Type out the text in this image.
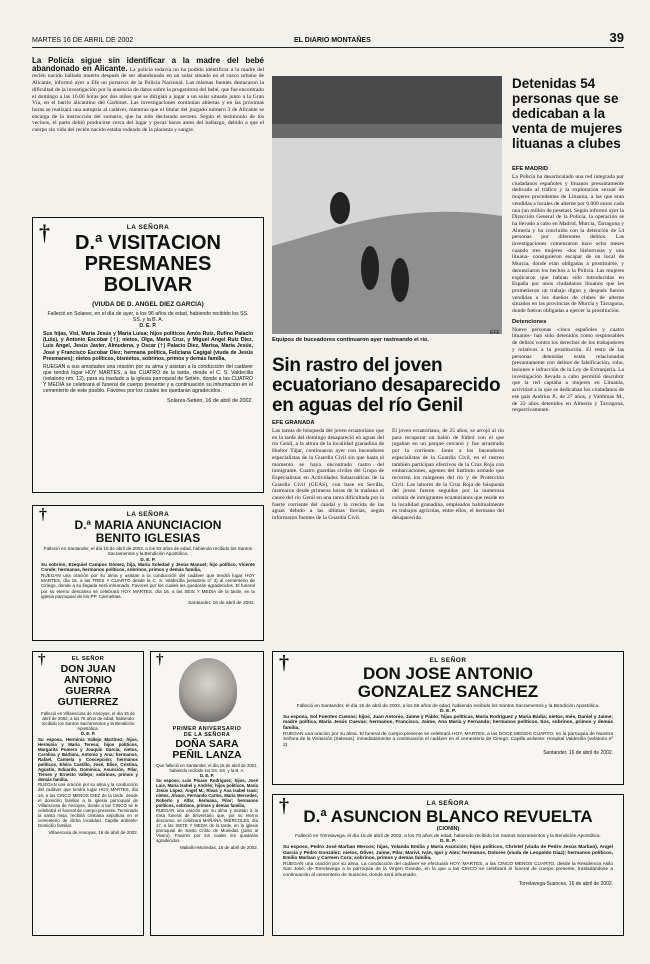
MARTES 16 DE ABRIL DE 2002	EL DIARIO MONTAÑES	39
La Policía sigue sin identificar a la madre del bebé abandonado en Alicante. La policía todavía no ha podido identificar a la madre del recién nacido hallado muerto después de ser abandonado en un solar situado en el casco urbano de Alicante, informó ayer a Efe un portavoz de la Policía Nacional. Las mismas fuentes destacaron la dificultad de la investigación por la ausencia de datos sobre la progenitora del bebé, que fue encontrado el domingo a las 16.00 horas por dos niños que se dirigían a jugar a un solar situado junto a la Gran Vía, en el barrio alicantino del Garbinet. Las investigaciones continúan abiertas y en las próximas horas se realizará una autopsia al cadáver, mientras que el titular del juzgado número 3 de Alicante se encarga de la instrucción del sumario, que ha sido declarado secreto. Según el testimonio de los vecinos, el parto debió producirse cerca del lugar y pocas horas antes del hallazgo, debido a que el cuerpo sin vida del recién nacido estaba rodeado de la placenta y sangre.
†	LA SEÑORA
D.ª VISITACION
PRESMANES
BOLIVAR
(VIUDA DE D. ANGEL DIEZ GARCIA)
Falleció en Solares, en el día de ayer, a los 96 años de edad, habiendo recibido los SS. SS. y la B. A.
D. E. P.
Sus hijas, Visi, María Jesús y María Luisa; hijos políticos Amós Ruiz, Rufino Palacio (Luis), y Antonio Escobar (†); nietos, Olga, María Cruz, y Miguel Angel Ruiz Diez, Luis Angel, Jesús Javier, Almudena, y Oscar (†) Palacio Diez, Marisa, María Jesús, José y Francisco Escobar Diez; hermana política, Feliciana Cagigal (viuda de Jesús Presmanes); nietos políticos, bisnietos, sobrinos, primos y demás familia,
RUEGAN a sus amistades una oración por su alma y asistan a la conducción del cadáver que tendrá lugar HOY MARTES, a las CUATRO de la tarde, desde el C. S. Valdecilla (velatorio nm. 12), para su traslado a la iglesia parroquial de Setién, donde a las CUATRO Y MEDIA se celebrará el funeral de cuerpo presente y a continuación su inhumación en el cementerio de este pueblo. Favores por los cuales les quedarán agradecidos.
Solares-Setién, 16 de abril de 2002.
†	LA SEÑORA
D.ª MARIA ANUNCIACION
BENITO IGLESIAS
Falleció en Santander, el día 15 de abril de 2002, a los 93 años de edad, habiendo recibido los Santos Sacramentos y la Bendición Apostólica.
D. E. P.
Su sobrino, Ezequiel Campos Gómez, hija, María Soledad y Jesús Manuel; hijo político, Vicente Conde; hermanas, hermanos políticos, sobrinos, primos y demás familia,
RUEGAN una oración por su alma y asistan a la conducción del cadáver que tendrá lugar HOY MARTES, día 16, a las TRES Y CUARTO desde la C. S. Valdecilla (velatorio nº 4) al cementerio de Ciriego, donde a su llegada será inhumado. Favores por los cuales les quedarán agradecidos. El funeral por su eterno descanso se celebrará HOY MARTES, día 16, a las SEIS Y MEDIA de la tarde, en la iglesia parroquial de los PP. Carmelitas.
Santander, 16 de abril de 2002.
Equipos de buceadores continuaron ayer rastreando el río.
EFE
Sin rastro del joven ecuatoriano desaparecido en aguas del río Genil
EFE GRANADA
Las tareas de búsqueda del joven ecuatoriano que en la tarde del domingo desapareció en aguas del río Genil, a la altura de la localidad granadina de Huétor Tájar, continuaron ayer con buceadores especialistas de la Guardia Civil sin que hasta el momento se haya encontrado rastro del inmigrante. Cuatro guardias civiles del Grupo de Especialistas en Actividades Subacuáticas de la Guardia Civil (GEAS), con base en Sevilla, rastrearon desde primeras horas de la mañana el cauce del río Genil en una tarea dificultada por la fuerte corriente del caudal y la crecida de las aguas debido a las últimas lluvias, según informaron fuentes de la Guardia Civil.
El joven ecuatoriano, de 25 años, se arrojó al río para recuperar un balón de fútbol con el que jugaban en un parque cercano y fue arrastrado por la corriente. Junto a los buceadores especialistas de la Guardia Civil, en el rastreo también participan efectivos de la Cruz Roja con embarcaciones, agentes del instituto armado que recorren los márgenes del río y de Protección Civil. Las labores de la Cruz Roja de búsqueda del joven fueron seguidas por la numerosa colonia de inmigrantes ecuatorianos que reside en la localidad granadina, empleados habitualmente en trabajos agrícolas, entre ellos, el hermano del desaparecido.
Detenidas 54 personas que se dedicaban a la venta de mujeres lituanas a clubes
EFE MADRID
La Policía ha desarticulado una red integrada por ciudadanos españoles y lituanos presuntamente dedicada al tráfico y la explotación sexual de mujeres procedentes de Lituania, a las que eran vendidas a locales de alterne por 6.000 euros cada una (un millón de pesetas). Según informó ayer la Dirección General de la Policía, la operación se ha llevado a cabo en Madrid, Murcia, Tarragona y Almería y ha concluido con la detención de 54 personas por diferentes delitos. Las investigaciones comenzaron hace ocho meses cuando tres mujeres -dos bielorrusas y una lituana- consiguieron escapar de un local de Murcia, donde eran obligadas a prostituirse, y denunciaron los hechos a la Policía. Las mujeres explicaron que habían sido introducidas en España por unos ciudadanos lituanos que les prometieron un trabajo digno y después fueron vendidas a los dueños de clubes de alterne situados en las provincias de Murcia y Tarragona, donde fueron obligadas a ejercer la prostitución.
Detenciones
Nueve personas -cinco españoles y cuatro lituanos- han sido detenidos como responsables de delitos contra los derechos de los trabajadores y relativos a la prostitución. El resto de las personas detenidas están relacionadas presuntamente con delitos de falsificación, robo, lesiones e infracción de la Ley de Extranjería. La investigación llevada a cabo permitió descubrir que la red captaba a mujeres en Lituania, actividad a la que se dedicaban los ciudadanos de ese país Audrius P., de 27 años, y Valdimas M., de 22 años detenidos en Almería y Tarragona, respectivamente.
†	EL SEÑOR
DON JUAN
ANTONIO
GUERRA
GUTIERREZ
Falleció en Villaescusa de Ansoyas, el día 15 de abril de 2002, a los 76 años de edad, habiendo recibido los Santos Sacramentos y la Bendición Apostólica.
D. E. P.
Su esposa, Herminia Vallejo Martínez; hijos, Herminia y María Teresa; hijos políticos, Margarita Pomera y Joaquín García; nietos, Carolina y Bárbara, Antonio y Ana; hermanos, Rafael, Carmela y Concepción; hermanos políticos, Elvira Castillo, José, Elise, Cristina, Agustín, Eduardo, Dominica, Asunción, Pilar, Ternes y Ernesto Vallejo; sobrinos, primos y demás familia,
RUEGAN una oración por su alma y la conducción del cadáver que tendrá lugar HOY MARTES, día 16, a las CINCO MENOS DIEZ de la tarde, desde el domicilio familiar a la iglesia parroquial de Villaescusa de Ansoyas, donde a las CINCO se le celebrará el funeral de cuerpo presente. Terminado la santa misa, recibirá cristiana sepultura en el cementerio de dicha localidad. Capilla ardiente: Domicilio familiar.
Villaescusa de Ansoyas, 16 de abril de 2002.
†
PRIMER ANIVERSARIO
DE LA SEÑORA
DOÑA SARA
PEÑIL LANZA
Que falleció en Santander, el día 15 de abril de 2001, habiendo recibido los SS. SS. y la B. A.
D. E. P.
Su esposo, Luis Pisace Rodríguez; hijos, José Luis, María Isabel y Andrés; hijos políticos, María Jesús López, Ángel M., Rivas y Ana Isabel Isasi; nietos, Álvaro, Fernando Carlos, María Mercedes, Roberto y Alfar, hermana, Pilar; hermanos políticos, sobrinos, primos y demás familia,
RUEGAN una oración por su alma y asistan a la misa funeral de aniversario que, por su eterno descanso, se celebrará MAÑANA, MIÉRCOLES, día 17, a las SIETE Y MEDIA de la tarde, en la iglesia parroquial de Santo Cristo de Muriedas (junto al Vivero). Favores por los cuales les quedarán agradecidos.
Maliaño-Muriedas, 16 de abril de 2002.
†	EL SEÑOR
DON JOSE ANTONIO
GONZALEZ SANCHEZ
Falleció en Santander, el día 15 de abril de 2002, a los 66 años de edad, habiendo recibido los Santos Sacramentos y la Bendición Apostólica.
D. E. P.
Su esposa, Sol Fuentes Cuevas; hijos, Juan Antonio, Jaime y Pablo; hijas políticas, María Rodríguez y María Bádia; nietos, Inés, Daniel y Jaime; madre política, María Jesús Cuevas; hermanos, Francisco, Jaime, Ana María y Fernando; hermanos políticos, tíos, sobrinos, primos y demás familia,
RUEGAN una oración por su alma. El funeral de cuerpo presente se celebrará HOY, MARTES, a las DOCE MENOS CUARTO, en la parroquia de Nuestra Señora de la Visitación (Salesas), inmediatamente a continuación el cadáver en el cementerio de Ciriego. Capilla ardiente: Hospital Valdecilla (velatorio nº 2).
Santander, 16 de abril de 2002.
†	LA SEÑORA
D.ª ASUNCION BLANCO REVUELTA
(CIONIN)
Falleció en Torrelavega, el día 15 de abril de 2002, a los 78 años de edad, habiendo recibido los Santos Sacramentos y la Bendición Apostólica.
D. E. P.
Su esposo, Pedro José Marban Mercos; hijas, Yolanda Emilia y María Asunción; hijos políticos, Christel (viuda de Pedro Jesús Marban), Angel García y Pedro González; nietos, Oliver, Jaime, Pilar, Mariví, Iván, Igor y Alex; hermanos, Dolores (viuda de Leopoldo Diaz); hermanos políticos, Emilio Marban y Carmen Cora; sobrinos, primos y demás familia,
RUEGAN una oración por su alma. La conducción del cadáver se efectuará HOY, MARTES, a las CINCO MENOS CUARTO, desde la Residencia Asilo San José, de Torrelavega a la parroquia de la Virgen Grande, en la que a las CINCO se celebrará el funeral de cuerpo presente, trasladándose a continuación al cementerio de Suances, donde será inhumado.
Torrelavega-Suances, 16 de abril de 2002.
